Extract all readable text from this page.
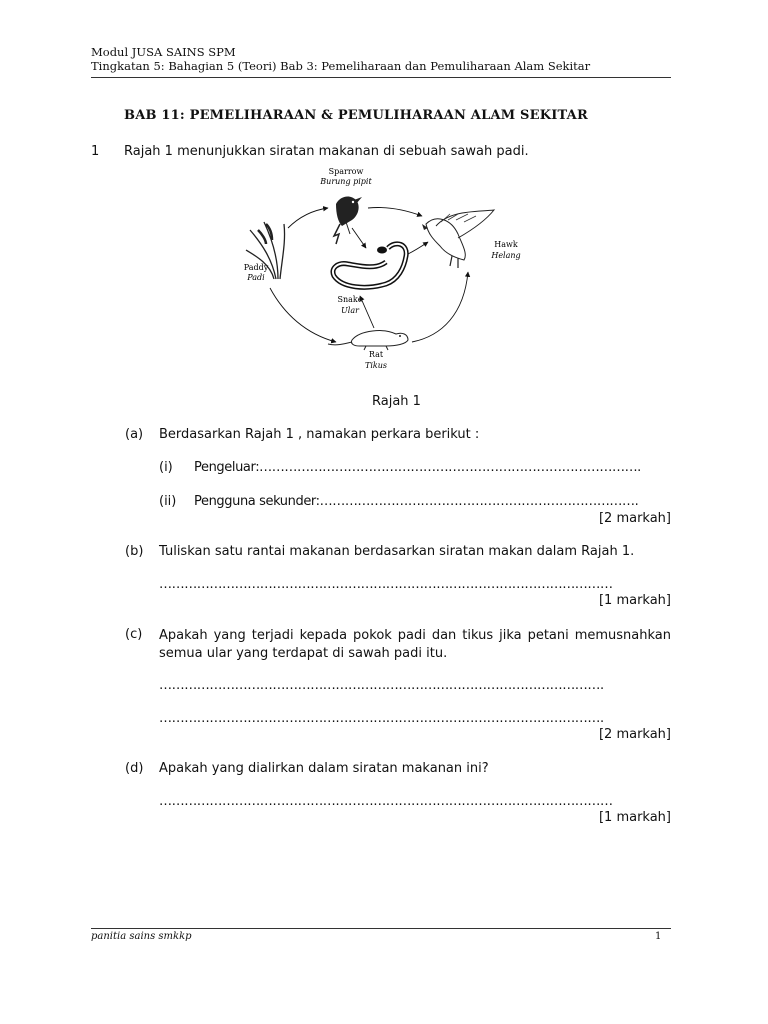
Modul JUSA SAINS SPM
Tingkatan 5: Bahagian 5 (Teori) Bab 3: Pemeliharaan dan Pemuliharaan Alam Sekitar
BAB 11: PEMELIHARAAN & PEMULIHARAAN ALAM SEKITAR
1 Rajah 1 menunjukkan siratan makanan di sebuah sawah padi.
Sparrow
Burung pipit
Hawk
Helang
Paddy
Padi
Snake
Ular
Rat
Tikus
Rajah 1
(a) Berdasarkan Rajah 1 , namakan perkara berikut :
(i) Pengeluar:……………………………………………………………………………….
(ii) Pengguna sekunder:………………………………………………………………….
[2 markah]
(b) Tuliskan satu rantai makanan berdasarkan siratan makan dalam Rajah 1.
………………………………………………………………………………………………
[1 markah]
(c) Apakah yang terjadi kepada pokok padi dan tikus jika petani memusnahkan semua ular yang terdapat di sawah padi itu.
…………………………………………………………………………………………….
…………………………………………………………………………………………….
[2 markah]
(d) Apakah yang dialirkan dalam siratan makanan ini?
………………………………………………………………………………………………
[1 markah]
panitia sains smkkp	1
